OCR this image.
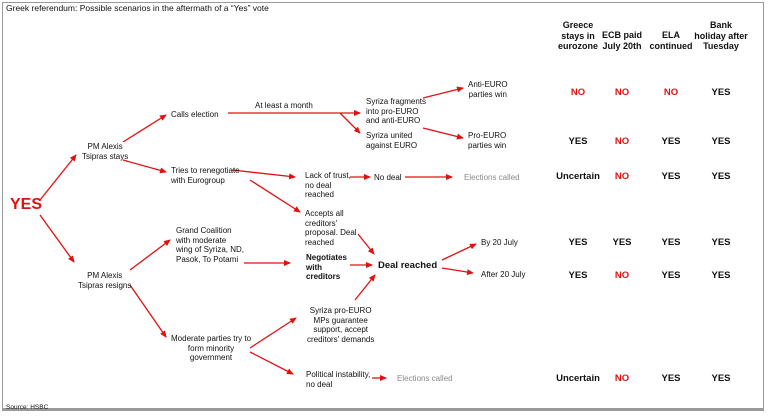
Greek referendum: Possible scenarios in the aftermath of a “Yes” vote
YES
PM Alexis
Tsipras stays
PM Alexis
Tsipras resigns
Calls election
At least a month
Tries to renegotiate
with Eurogroup
Syriza fragments
into pro-EURO
and anti-EURO
Syriza united
against EURO
Anti-EURO
parties win
Pro-EURO
parties win
Lack of trust,
no deal
reached
No deal	Elections called
Accepts all
creditors'
proposal. Deal
reached
Grand Coalition
with moderate
wing of Syriza, ND,
Pasok, To Potami	Negotiates
with
creditors
Deal reached
By 20 July
After 20 July
Moderate parties try to
form minority
government
Syriza pro-EURO
MPs guarantee
support, accept
creditors' demands
Political instability,
no deal
Elections called
Greece
stays in
eurozone
ECB paid
July 20th
ELA
continued
Bank
holiday after
Tuesday
NO	NO	NO	YES
YES	NO	YES	YES
Uncertain	NO	YES	YES
YES	YES	YES	YES
YES	NO	YES	YES
Uncertain	NO	YES	YES
Source: HSBC
